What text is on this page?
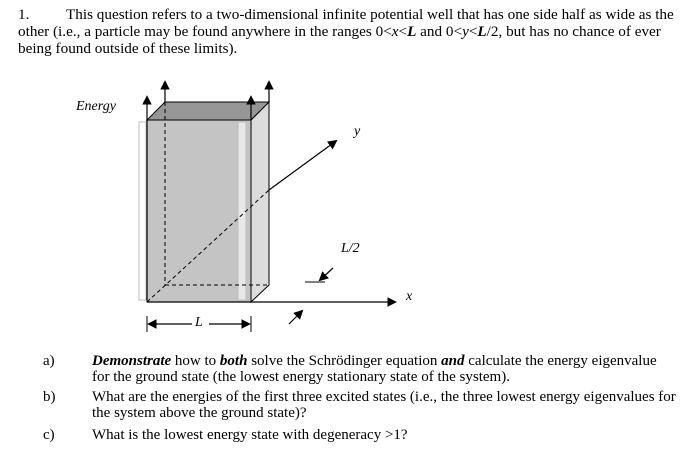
1. This question refers to a two-dimensional infinite potential well that has one side half as wide as the other (i.e., a particle may be found anywhere in the ranges 0<x<L and 0<y<L/2, but has no chance of ever being found outside of these limits).
Energy
y
L/2
x
L
a) Demonstrate how to both solve the Schrödinger equation and calculate the energy eigenvalue for the ground state (the lowest energy stationary state of the system).
b) What are the energies of the first three excited states (i.e., the three lowest energy eigenvalues for the system above the ground state)?
c) What is the lowest energy state with degeneracy >1?
